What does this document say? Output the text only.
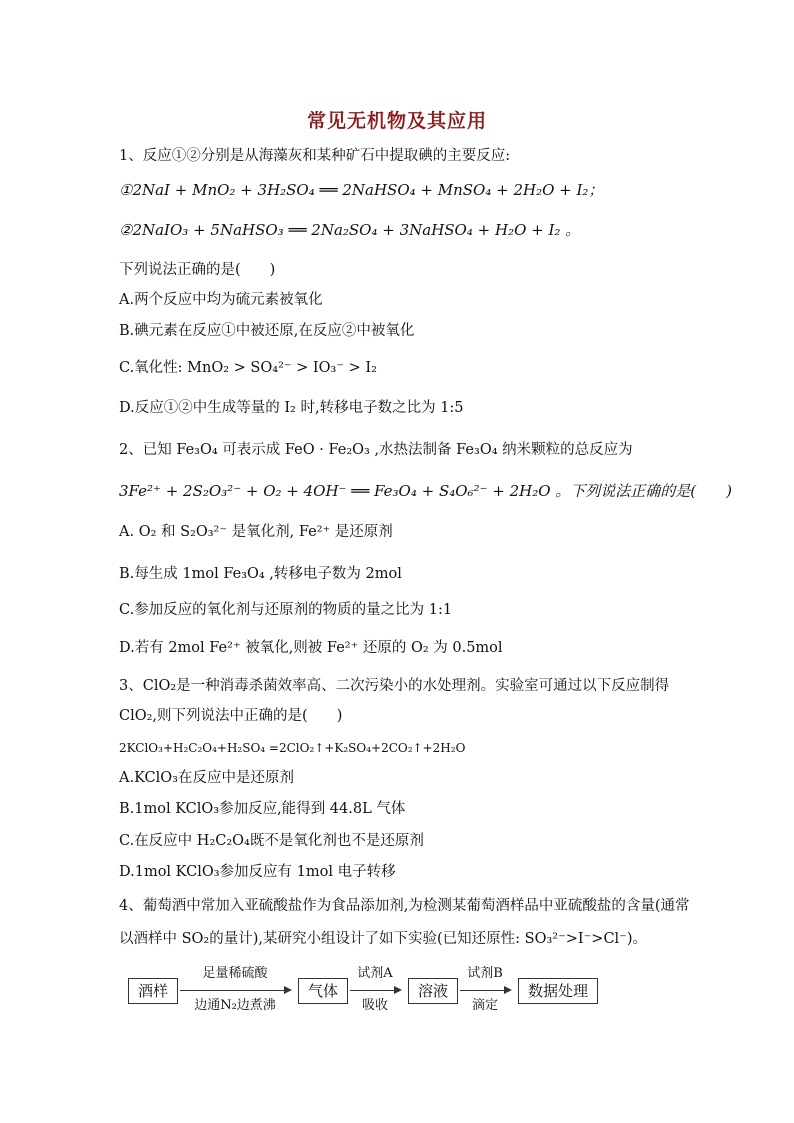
常见无机物及其应用
1、反应①②分别是从海藻灰和某种矿石中提取碘的主要反应:
①2NaI + MnO₂ + 3H₂SO₄ ══ 2NaHSO₄ + MnSO₄ + 2H₂O + I₂；
②2NaIO₃ + 5NaHSO₃ ══ 2Na₂SO₄ + 3NaHSO₄ + H₂O + I₂ 。
下列说法正确的是(　　)
A.两个反应中均为硫元素被氧化
B.碘元素在反应①中被还原,在反应②中被氧化
C.氧化性: MnO₂ > SO₄²⁻ > IO₃⁻ > I₂
D.反应①②中生成等量的 I₂ 时,转移电子数之比为 1:5
2、已知 Fe₃O₄ 可表示成 FeO · Fe₂O₃ ,水热法制备 Fe₃O₄ 纳米颗粒的总反应为
3Fe²⁺ + 2S₂O₃²⁻ + O₂ + 4OH⁻ ══ Fe₃O₄ + S₄O₆²⁻ + 2H₂O 。下列说法正确的是(　　)
A. O₂ 和 S₂O₃²⁻ 是氧化剂, Fe²⁺ 是还原剂
B.每生成 1mol Fe₃O₄ ,转移电子数为 2mol
C.参加反应的氧化剂与还原剂的物质的量之比为 1:1
D.若有 2mol Fe²⁺ 被氧化,则被 Fe²⁺ 还原的 O₂ 为 0.5mol
3、ClO₂是一种消毒杀菌效率高、二次污染小的水处理剂。实验室可通过以下反应制得
ClO₂,则下列说法中正确的是(　　)
2KClO₃+H₂C₂O₄+H₂SO₄ =2ClO₂↑+K₂SO₄+2CO₂↑+2H₂O
A.KClO₃在反应中是还原剂
B.1mol KClO₃参加反应,能得到 44.8L 气体
C.在反应中 H₂C₂O₄既不是氧化剂也不是还原剂
D.1mol KClO₃参加反应有 1mol 电子转移
4、葡萄酒中常加入亚硫酸盐作为食品添加剂,为检测某葡萄酒样品中亚硫酸盐的含量(通常
以酒样中 SO₂的量计),某研究小组设计了如下实验(已知还原性: SO₃²⁻>I⁻>Cl⁻)。
酒样
足量稀硫酸
边通N₂边煮沸
气体
试剂A
吸收
溶液
试剂B
滴定
数据处理
